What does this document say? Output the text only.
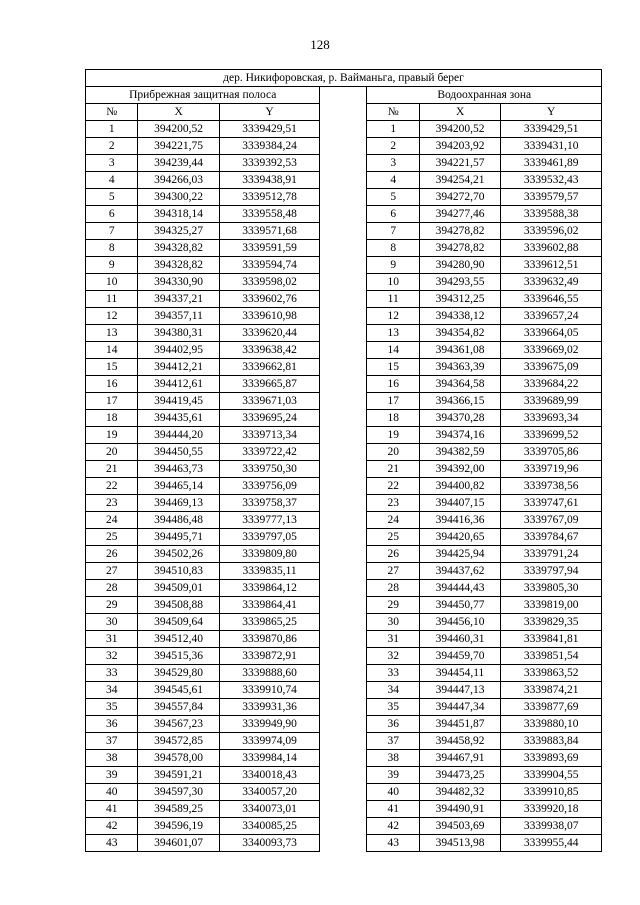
128
дер. Никифоровская, р. Вайманьга, правый берег						
Прибрежная защитная полоса				Водоохранная зона		
№	X	Y		№	X	Y
1	394200,52	3339429,51		1	394200,52	3339429,51
2	394221,75	3339384,24		2	394203,92	3339431,10
3	394239,44	3339392,53		3	394221,57	3339461,89
4	394266,03	3339438,91		4	394254,21	3339532,43
5	394300,22	3339512,78		5	394272,70	3339579,57
6	394318,14	3339558,48		6	394277,46	3339588,38
7	394325,27	3339571,68		7	394278,82	3339596,02
8	394328,82	3339591,59		8	394278,82	3339602,88
9	394328,82	3339594,74		9	394280,90	3339612,51
10	394330,90	3339598,02		10	394293,55	3339632,49
11	394337,21	3339602,76		11	394312,25	3339646,55
12	394357,11	3339610,98		12	394338,12	3339657,24
13	394380,31	3339620,44		13	394354,82	3339664,05
14	394402,95	3339638,42		14	394361,08	3339669,02
15	394412,21	3339662,81		15	394363,39	3339675,09
16	394412,61	3339665,87		16	394364,58	3339684,22
17	394419,45	3339671,03		17	394366,15	3339689,99
18	394435,61	3339695,24		18	394370,28	3339693,34
19	394444,20	3339713,34		19	394374,16	3339699,52
20	394450,55	3339722,42		20	394382,59	3339705,86
21	394463,73	3339750,30		21	394392,00	3339719,96
22	394465,14	3339756,09		22	394400,82	3339738,56
23	394469,13	3339758,37		23	394407,15	3339747,61
24	394486,48	3339777,13		24	394416,36	3339767,09
25	394495,71	3339797,05		25	394420,65	3339784,67
26	394502,26	3339809,80		26	394425,94	3339791,24
27	394510,83	3339835,11		27	394437,62	3339797,94
28	394509,01	3339864,12		28	394444,43	3339805,30
29	394508,88	3339864,41		29	394450,77	3339819,00
30	394509,64	3339865,25		30	394456,10	3339829,35
31	394512,40	3339870,86		31	394460,31	3339841,81
32	394515,36	3339872,91		32	394459,70	3339851,54
33	394529,80	3339888,60		33	394454,11	3339863,52
34	394545,61	3339910,74		34	394447,13	3339874,21
35	394557,84	3339931,36		35	394447,34	3339877,69
36	394567,23	3339949,90		36	394451,87	3339880,10
37	394572,85	3339974,09		37	394458,92	3339883,84
38	394578,00	3339984,14		38	394467,91	3339893,69
39	394591,21	3340018,43		39	394473,25	3339904,55
40	394597,30	3340057,20		40	394482,32	3339910,85
41	394589,25	3340073,01		41	394490,91	3339920,18
42	394596,19	3340085,25		42	394503,69	3339938,07
43	394601,07	3340093,73		43	394513,98	3339955,44
